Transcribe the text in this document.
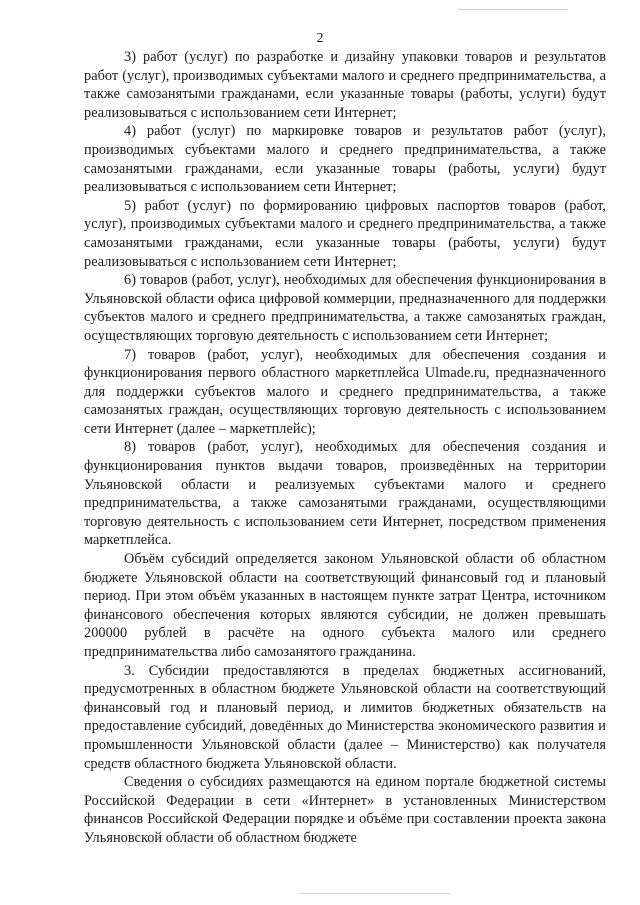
2

3) работ (услуг) по разработке и дизайну упаковки товаров и результатов работ (услуг), производимых субъектами малого и среднего предпринимательства, а также самозанятыми гражданами, если указанные товары (работы, услуги) будут реализовываться с использованием сети Интернет;

4) работ (услуг) по маркировке товаров и результатов работ (услуг), производимых субъектами малого и среднего предпринимательства, а также самозанятыми гражданами, если указанные товары (работы, услуги) будут реализовываться с использованием сети Интернет;

5) работ (услуг) по формированию цифровых паспортов товаров (работ, услуг), производимых субъектами малого и среднего предпринимательства, а также самозанятыми гражданами, если указанные товары (работы, услуги) будут реализовываться с использованием сети Интернет;

6) товаров (работ, услуг), необходимых для обеспечения функционирования в Ульяновской области офиса цифровой коммерции, предназначенного для поддержки субъектов малого и среднего предпринимательства, а также самозанятых граждан, осуществляющих торговую деятельность с использованием сети Интернет;

7) товаров (работ, услуг), необходимых для обеспечения создания и функционирования первого областного маркетплейса Ulmade.ru, предназначенного для поддержки субъектов малого и среднего предпринимательства, а также самозанятых граждан, осуществляющих торговую деятельность с использованием сети Интернет (далее – маркетплейс);

8) товаров (работ, услуг), необходимых для обеспечения создания и функционирования пунктов выдачи товаров, произведённых на территории Ульяновской области и реализуемых субъектами малого и среднего предпринимательства, а также самозанятыми гражданами, осуществляющими торговую деятельность с использованием сети Интернет, посредством применения маркетплейса.

Объём субсидий определяется законом Ульяновской области об областном бюджете Ульяновской области на соответствующий финансовый год и плановый период. При этом объём указанных в настоящем пункте затрат Центра, источником финансового обеспечения которых являются субсидии, не должен превышать 200000 рублей в расчёте на одного субъекта малого или среднего предпринимательства либо самозанятого гражданина.

3. Субсидии предоставляются в пределах бюджетных ассигнований, предусмотренных в областном бюджете Ульяновской области на соответствующий финансовый год и плановый период, и лимитов бюджетных обязательств на предоставление субсидий, доведённых до Министерства экономического развития и промышленности Ульяновской области (далее – Министерство) как получателя средств областного бюджета Ульяновской области.

Сведения о субсидиях размещаются на едином портале бюджетной системы Российской Федерации в сети «Интернет» в установленных Министерством финансов Российской Федерации порядке и объёме при составлении проекта закона Ульяновской области об областном бюджете
